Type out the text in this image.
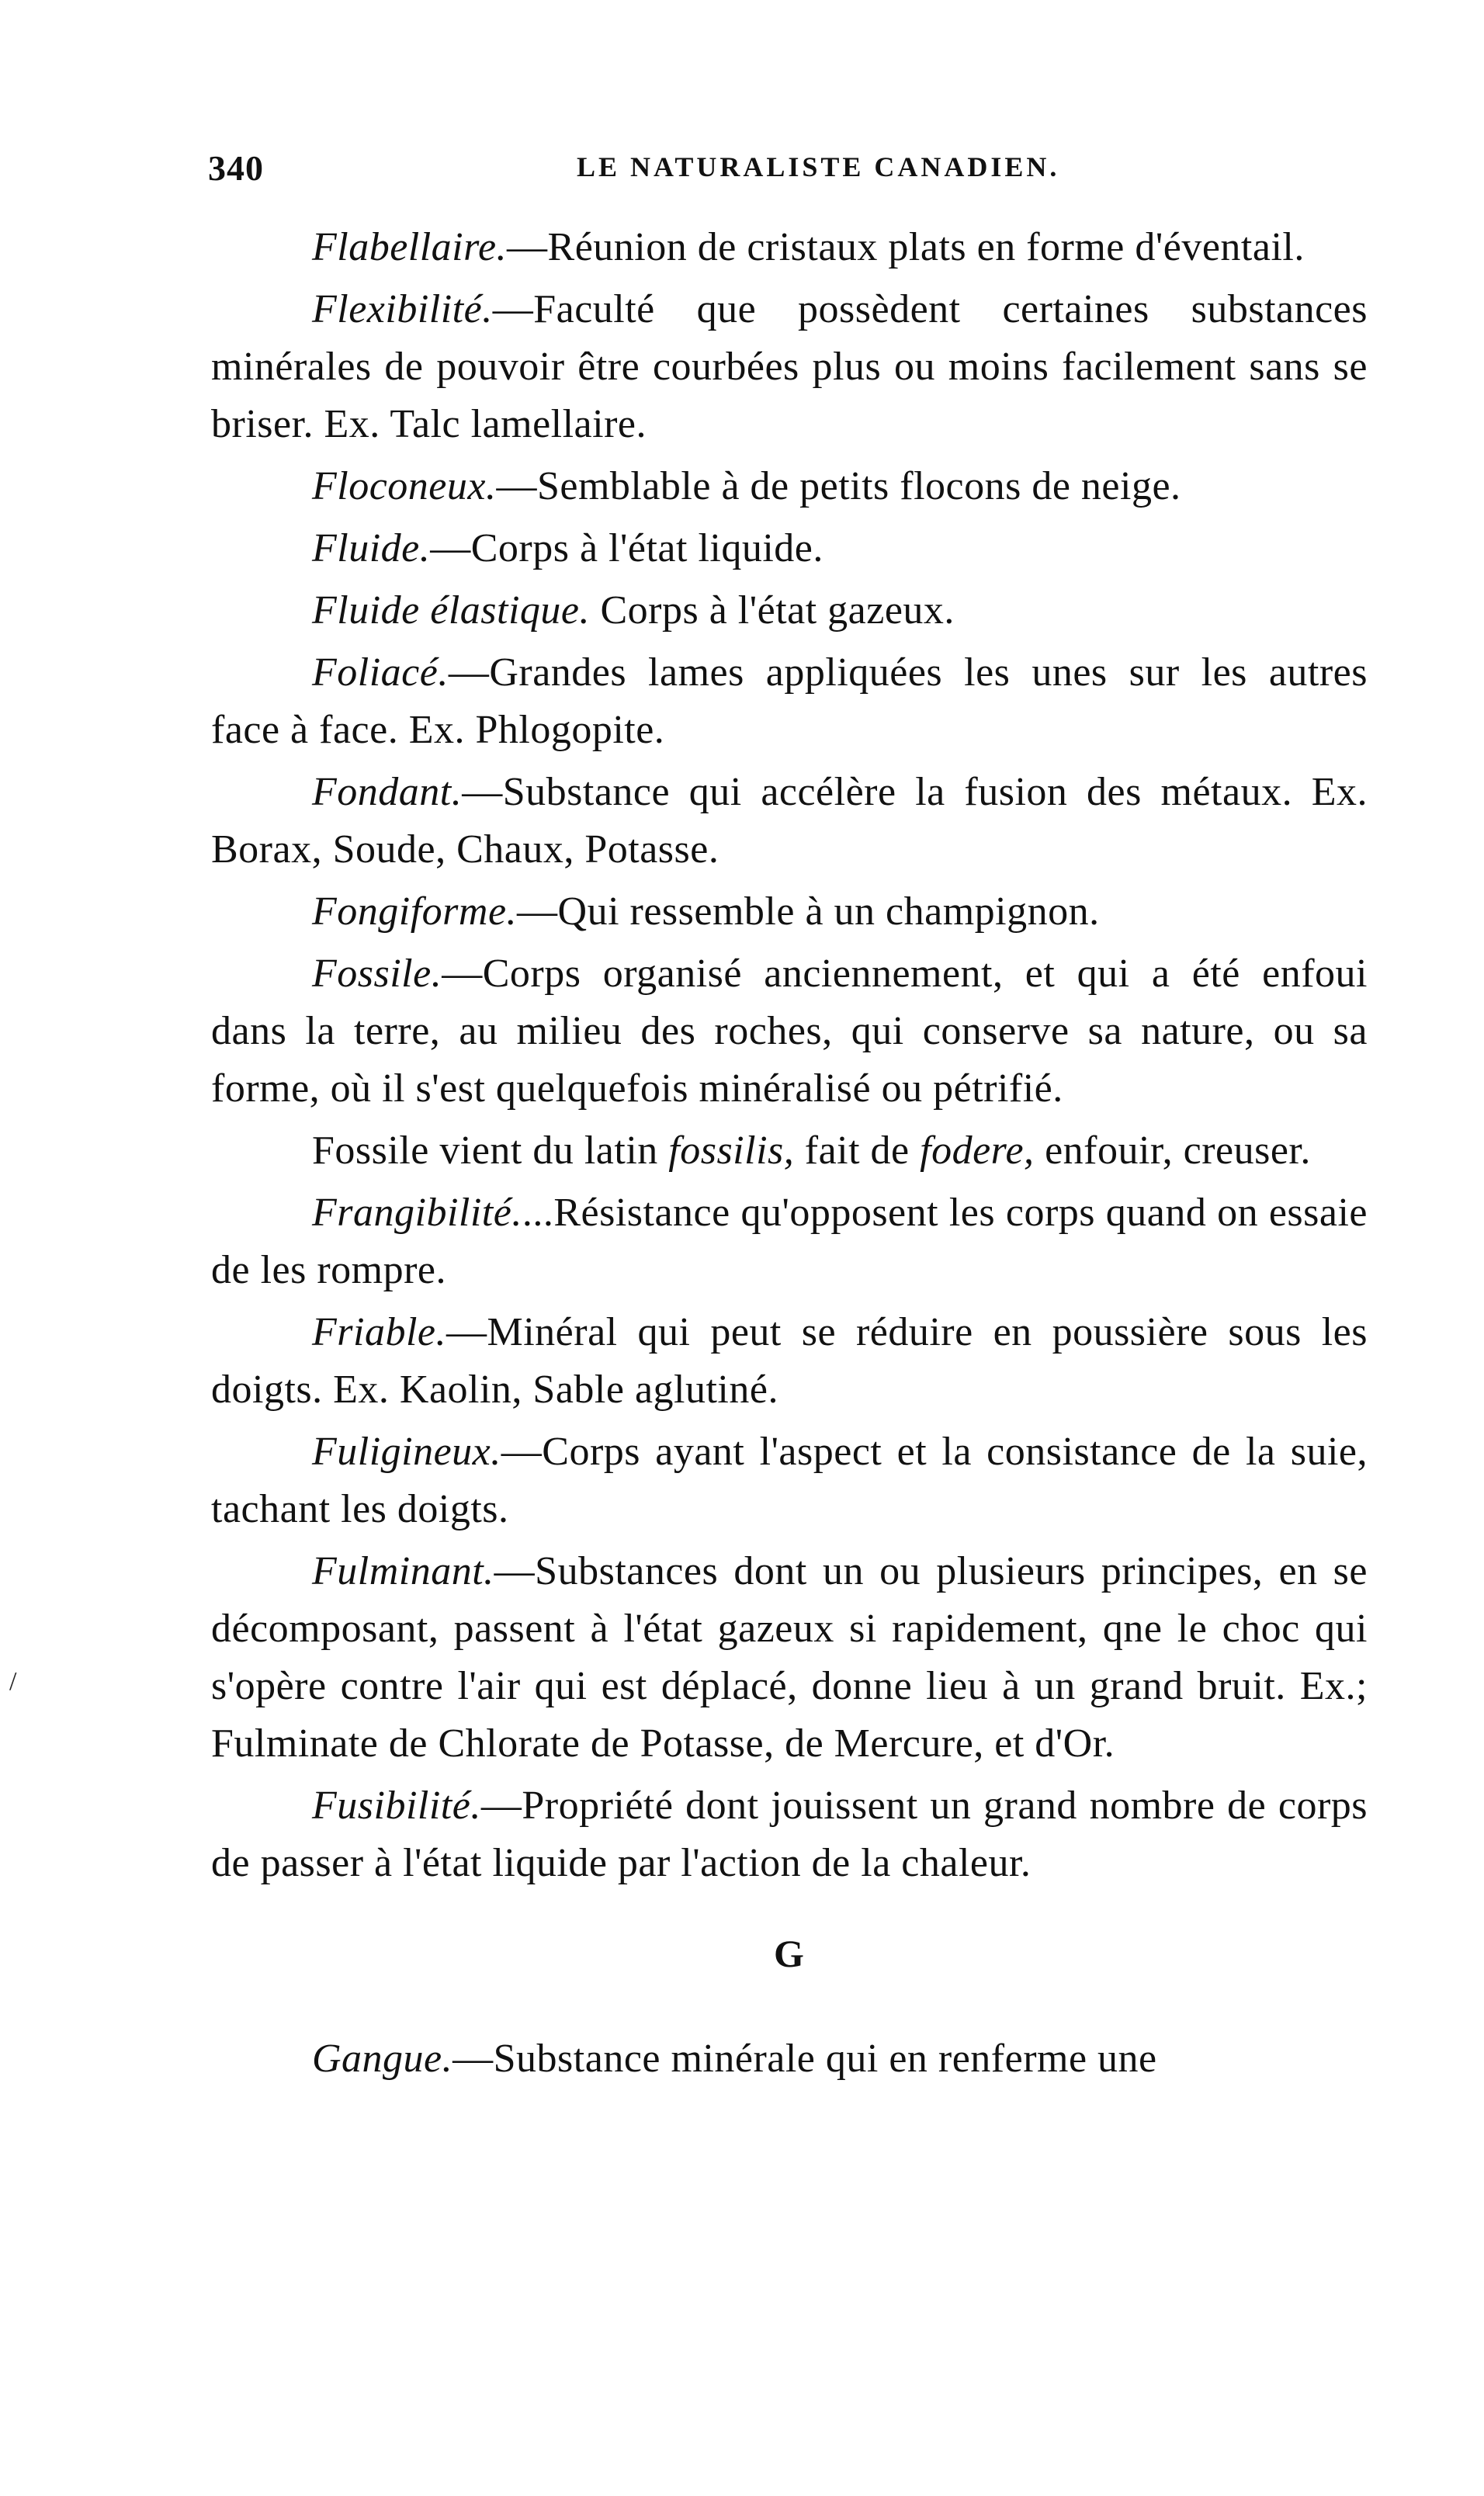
340	LE NATURALISTE CANADIEN.

Flabellaire.—Réunion de cristaux plats en forme d'éventail.

Flexibilité.—Faculté que possèdent certaines substances minérales de pouvoir être courbées plus ou moins facilement sans se briser. Ex. Talc lamellaire.

Floconeux.—Semblable à de petits flocons de neige.

Fluide.—Corps à l'état liquide.

Fluide élastique. Corps à l'état gazeux.

Foliacé.—Grandes lames appliquées les unes sur les autres face à face. Ex. Phlogopite.

Fondant.—Substance qui accélère la fusion des métaux. Ex. Borax, Soude, Chaux, Potasse.

Fongiforme.—Qui ressemble à un champignon.

Fossile.—Corps organisé anciennement, et qui a été enfoui dans la terre, au milieu des roches, qui conserve sa nature, ou sa forme, où il s'est quelquefois minéralisé ou pétrifié.

Fossile vient du latin fossilis, fait de fodere, enfouir, creuser.

Frangibilité....Résistance qu'opposent les corps quand on essaie de les rompre.

Friable.—Minéral qui peut se réduire en poussière sous les doigts. Ex. Kaolin, Sable aglutiné.

Fuligineux.—Corps ayant l'aspect et la consistance de la suie, tachant les doigts.

Fulminant.—Substances dont un ou plusieurs principes, en se décomposant, passent à l'état gazeux si rapidement, qne le choc qui s'opère contre l'air qui est déplacé, donne lieu à un grand bruit. Ex.; Fulminate de Chlorate de Potasse, de Mercure, et d'Or.

Fusibilité.—Propriété dont jouissent un grand nombre de corps de passer à l'état liquide par l'action de la chaleur.

G

Gangue.—Substance minérale qui en renferme une

/
